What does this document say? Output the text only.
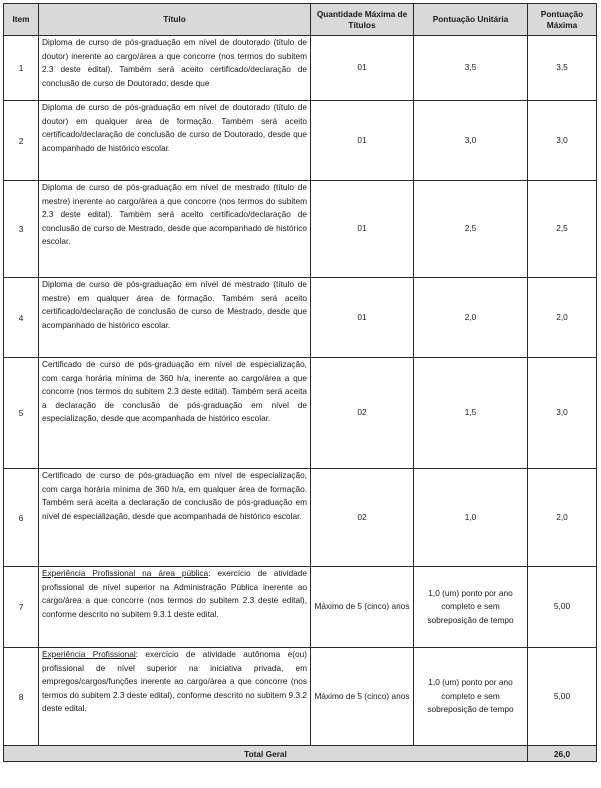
Item	Título	Quantidade Máxima de Títulos	Pontuação Unitária	Pontuação Máxima
1	Diploma de curso de pós-graduação em nível de doutorado (título de doutor) inerente ao cargo/área a que concorre (nos termos do subitem 2.3 deste edital). Também será aceito certificado/declaração de conclusão de curso de Doutorado, desde que	01	3,5	3,5
2	Diploma de curso de pós-graduação em nível de doutorado (título de doutor) em qualquer área de formação. Também será aceito certificado/declaração de conclusão de curso de Doutorado, desde que acompanhado de histórico escolar.	01	3,0	3,0
3	Diploma de curso de pós-graduação em nível de mestrado (título de mestre) inerente ao cargo/área a que concorre (nos termos do subitem 2.3 deste edital). Também será aceito certificado/declaração de conclusão de curso de Mestrado, desde que acompanhado de histórico escolar.	01	2,5	2,5
4	Diploma de curso de pós-graduação em nível de mestrado (título de mestre) em qualquer área de formação. Também será aceito certificado/declaração de conclusão de curso de Mestrado, desde que acompanhado de histórico escolar.	01	2,0	2,0
5	Certificado de curso de pós-graduação em nível de especialização, com carga horária mínima de 360 h/a, inerente ao cargo/área a que concorre (nos termos do subitem 2.3 deste edital). Também será aceita a declaração de conclusão de pós-graduação em nível de especialização, desde que acompanhada de histórico escolar.	02	1,5	3,0
6	Certificado de curso de pós-graduação em nível de especialização, com carga horária mínima de 360 h/a, em qualquer área de formação. Também será aceita a declaração de conclusão de pós-graduação em nível de especialização, desde que acompanhada de histórico escolar.	02	1,0	2,0
7	Experiência Profissional na área pública: exercício de atividade profissional de nível superior na Administração Pública inerente ao cargo/área a que concorre (nos termos do subitem 2.3 deste edital), conforme descrito no subitem 9.3.1 deste edital.	Máximo de 5 (cinco) anos	1,0 (um) ponto por ano completo e sem sobreposição de tempo	5,00
8	Experiência Profissional: exercício de atividade autônoma e(ou) profissional de nível superior na iniciativa privada, em empregos/cargos/funções inerente ao cargo/área a que concorre (nos termos do subitem 2.3 deste edital), conforme descrito no subitem 9.3.2 deste edital.	Máximo de 5 (cinco) anos	1,0 (um) ponto por ano completo e sem sobreposição de tempo	5,00
Total Geral				26,0
